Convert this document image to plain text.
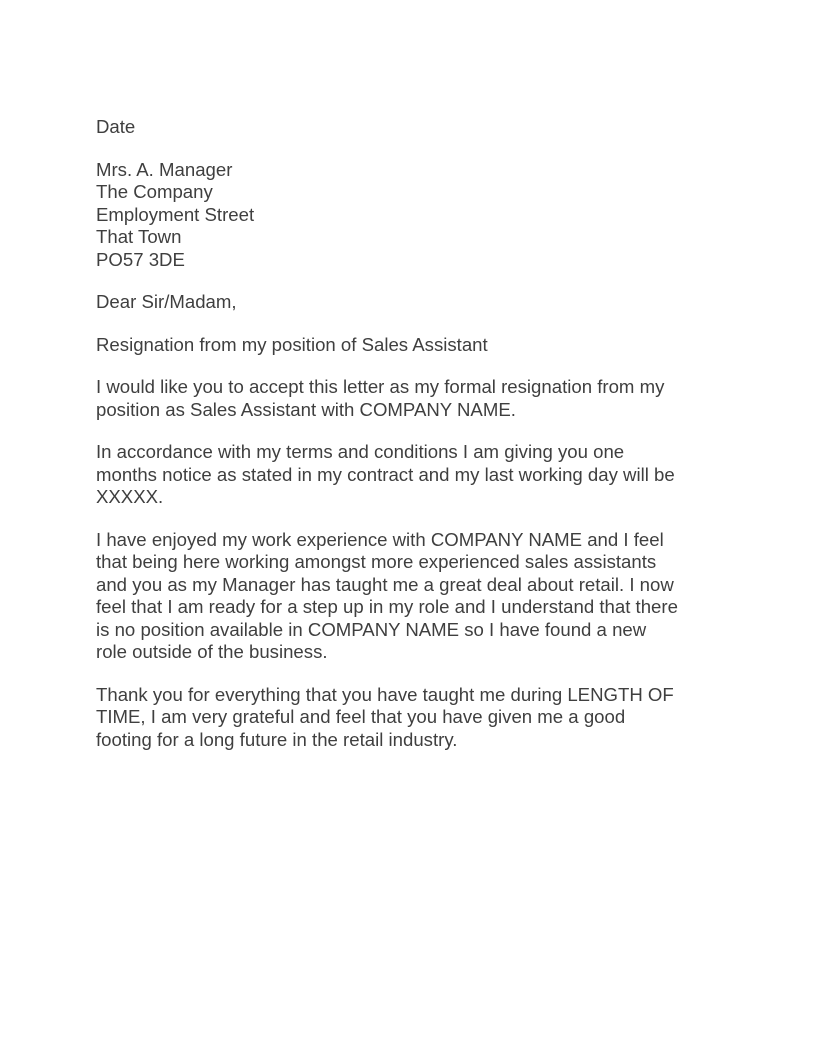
Date
Mrs. A. Manager
The Company
Employment Street
That Town
PO57 3DE
Dear Sir/Madam,
Resignation from my position of Sales Assistant
I would like you to accept this letter as my formal resignation from my
position as Sales Assistant with COMPANY NAME.
In accordance with my terms and conditions I am giving you one
months notice as stated in my contract and my last working day will be
XXXXX.
I have enjoyed my work experience with COMPANY NAME and I feel
that being here working amongst more experienced sales assistants
and you as my Manager has taught me a great deal about retail. I now
feel that I am ready for a step up in my role and I understand that there
is no position available in COMPANY NAME so I have found a new
role outside of the business.
Thank you for everything that you have taught me during LENGTH OF
TIME, I am very grateful and feel that you have given me a good
footing for a long future in the retail industry.
